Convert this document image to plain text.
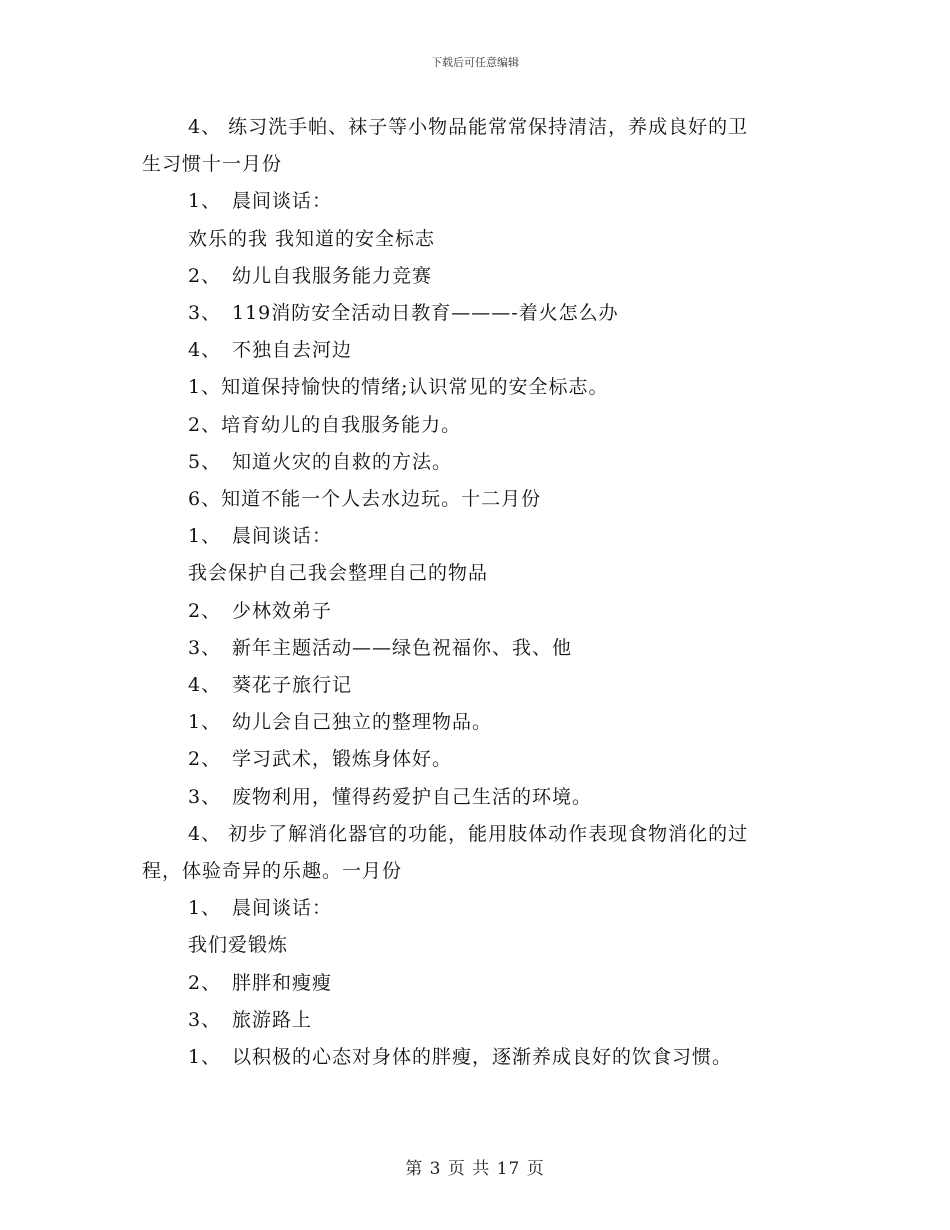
下载后可任意编辑

4、 练习洗手帕、袜子等小物品能常常保持清洁，养成良好的卫

生习惯十一月份

1、 晨间谈话：

欢乐的我 我知道的安全标志

2、 幼儿自我服务能力竞赛

3、 119消防安全活动日教育———-着火怎么办

4、 不独自去河边

1、知道保持愉快的情绪;认识常见的安全标志。

2、培育幼儿的自我服务能力。

5、 知道火灾的自救的方法。

6、知道不能一个人去水边玩。十二月份

1、 晨间谈话：

我会保护自己我会整理自己的物品

2、 少林效弟子

3、 新年主题活动——绿色祝福你、我、他

4、 葵花子旅行记

1、 幼儿会自己独立的整理物品。

2、 学习武术，锻炼身体好。

3、 废物利用，懂得药爱护自己生活的环境。

4、 初步了解消化器官的功能，能用肢体动作表现食物消化的过

程，体验奇异的乐趣。一月份

1、 晨间谈话：

我们爱锻炼

2、 胖胖和瘦瘦

3、 旅游路上

1、 以积极的心态对身体的胖瘦，逐渐养成良好的饮食习惯。

第 3 页 共 17 页
